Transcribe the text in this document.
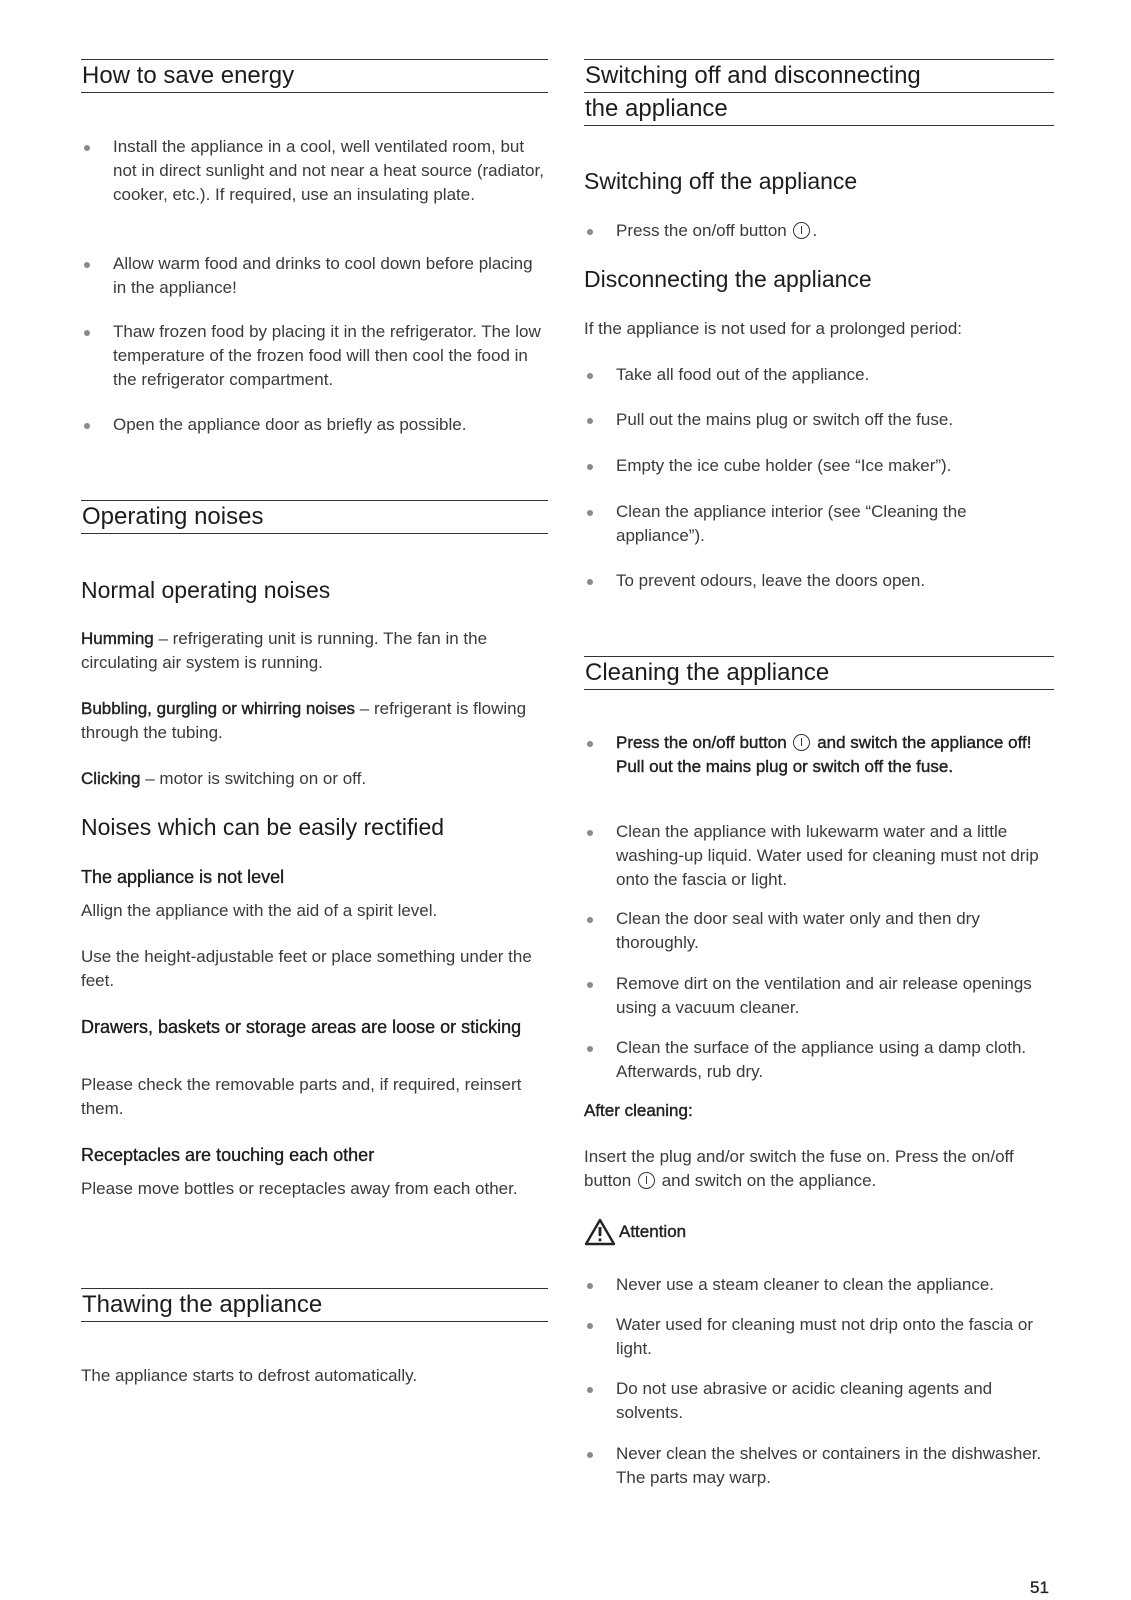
How to save energy
Install the appliance in a cool, well ventilated room, but not in direct sunlight and not near a heat source (radiator, cooker, etc.). If required, use an insulating plate.
Allow warm food and drinks to cool down before placing in the appliance!
Thaw frozen food by placing it in the refrigerator. The low temperature of the frozen food will then cool the food in the refrigerator compartment.
Open the appliance door as briefly as possible.
Operating noises
Normal operating noises

Humming – refrigerating unit is running. The fan in the circulating air system is running.

Bubbling, gurgling or whirring noises – refrigerant is flowing through the tubing.

Clicking – motor is switching on or off.

Noises which can be easily rectified
The appliance is not level

Allign the appliance with the aid of a spirit level.

Use the height-adjustable feet or place something under the feet.

Drawers, baskets or storage areas are loose or sticking

Please check the removable parts and, if required, reinsert them.

Receptacles are touching each other

Please move bottles or receptacles away from each other.

Thawing the appliance

The appliance starts to defrost automatically.

Switching off and disconnecting
the appliance
Switching off the appliance
Press the on/off button .
Disconnecting the appliance

If the appliance is not used for a prolonged period:

Take all food out of the appliance.
Pull out the mains plug or switch off the fuse.
Empty the ice cube holder (see “Ice maker”).
Clean the appliance interior (see “Cleaning the appliance”).
To prevent odours, leave the doors open.
Cleaning the appliance
Press the on/off button  and switch the appliance off!
Pull out the mains plug or switch off the fuse.
Clean the appliance with lukewarm water and a little washing-up liquid. Water used for cleaning must not drip onto the fascia or light.
Clean the door seal with water only and then dry thoroughly.
Remove dirt on the ventilation and air release openings using a vacuum cleaner.
Clean the surface of the appliance using a damp cloth. Afterwards, rub dry.

After cleaning:

Insert the plug and/or switch the fuse on. Press the on/off button  and switch on the appliance.

Attention
Never use a steam cleaner to clean the appliance.
Water used for cleaning must not drip onto the fascia or light.
Do not use abrasive or acidic cleaning agents and solvents.
Never clean the shelves or containers in the dishwasher. The parts may warp.
51
